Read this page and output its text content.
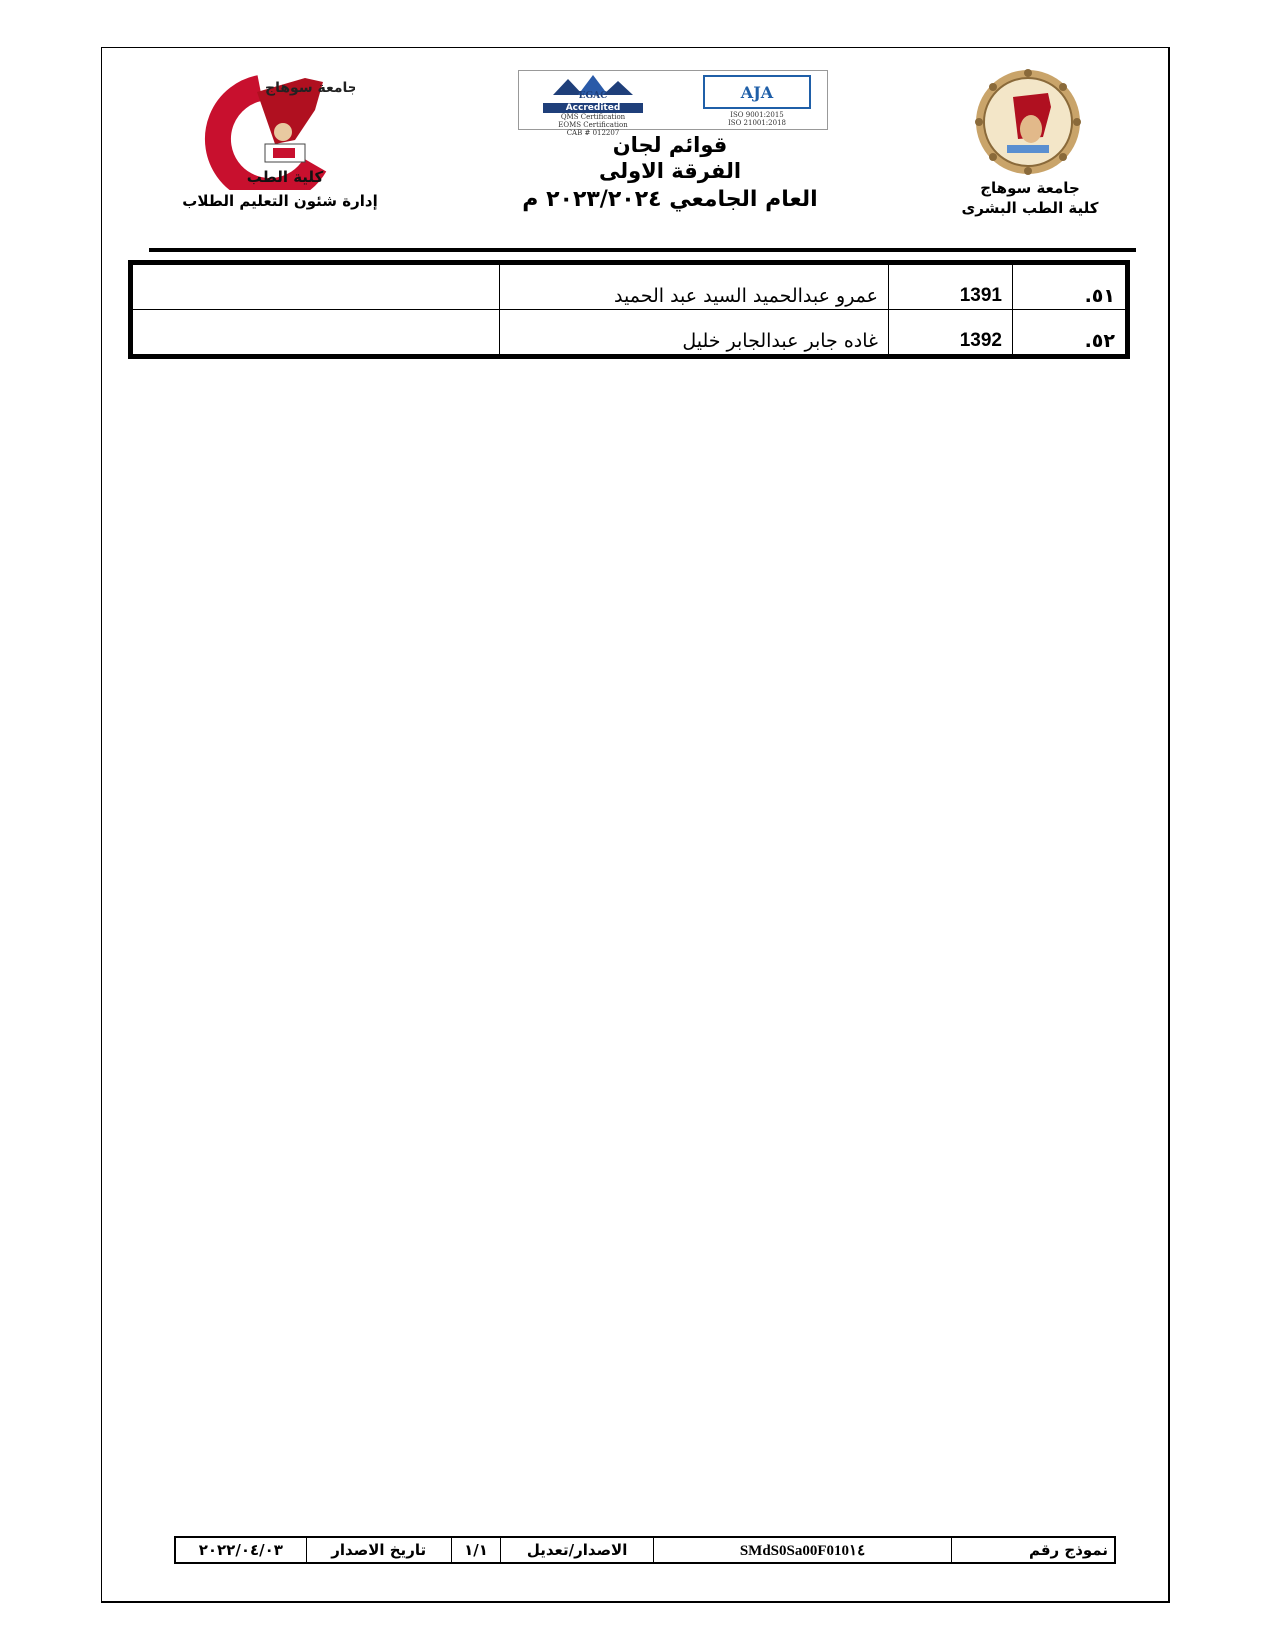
جامعة سوهاج
كلية الطب
إدارة شئون التعليم الطلاب
EGAC
Accredited
QMS Certification
EOMS Certification
CAB # 012207
AJA
ISO 9001:2015
ISO 21001:2018
قوائم لجان
الفرقة الاولى
العام الجامعي ٢٠٢٣/٢٠٢٤ م	جامعة سوهاج
كلية الطب البشرى
٥١.	1391	عمرو عبدالحميد السيد عبد الحميد	
٥٢.	1392	غاده جابر عبدالجابر خليل	
نموذج رقم	SMdS0Sa00F010١٤	الاصدار/تعديل	١/١	تاريخ الاصدار	٢٠٢٢/٠٤/٠٣
